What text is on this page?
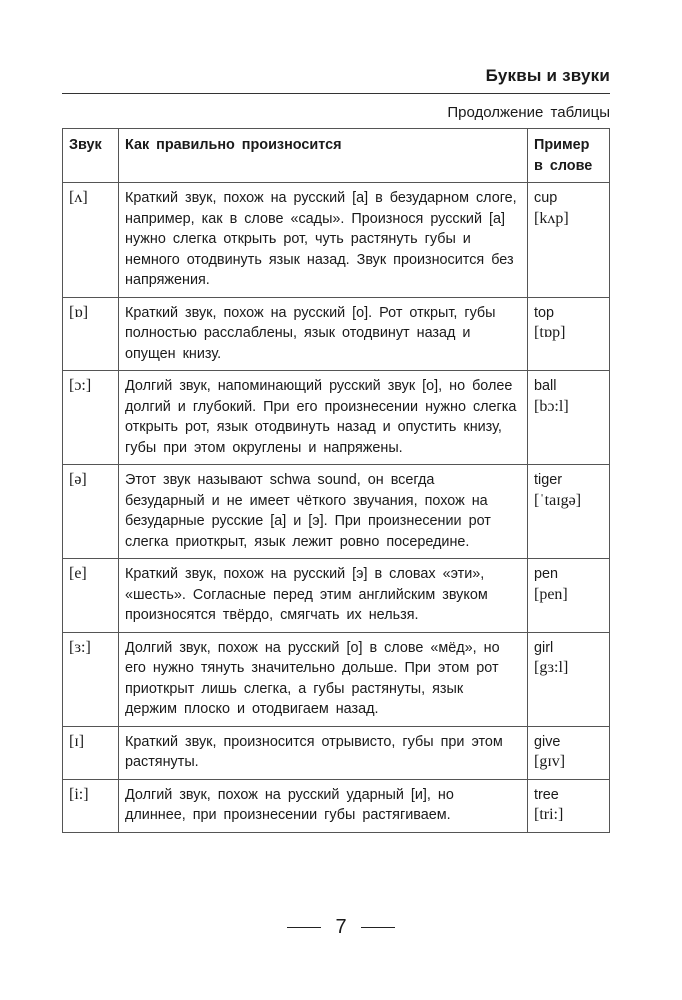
Буквы и звуки
Продолжение таблицы
Звук	Как правильно произносится	Пример в слове
[ʌ]	Краткий звук, похож на русский [а] в безударном слоге, например, как в слове «сады». Произнося русский [а] нужно слегка открыть рот, чуть растянуть губы и немного отодвинуть язык назад. Звук произносится без напряжения.	cup
[kʌp]

[ɒ]	Краткий звук, похож на русский [о]. Рот открыт, губы полностью расслаблены, язык отодвинут назад и опущен книзу.	top
[tɒp]

[ɔ:]	Долгий звук, напоминающий русский звук [о], но более долгий и глубокий. При его произнесении нужно слегка открыть рот, язык отодвинуть назад и опустить книзу, губы при этом округлены и напряжены.	ball
[bɔ:l]

[ə]	Этот звук называют schwa sound, он всегда безударный и не имеет чёткого звучания, похож на безударные русские [а] и [э]. При произнесении рот слегка приоткрыт, язык лежит ровно посередине.	tiger
[ˈtaɪgə]

[e]	Краткий звук, похож на русский [э] в словах «эти», «шесть». Согласные перед этим английским звуком произносятся твёрдо, смягчать их нельзя.	pen
[pen]

[ɜ:]	Долгий звук, похож на русский [о] в слове «мёд», но его нужно тянуть значительно дольше. При этом рот приоткрыт лишь слегка, а губы растянуты, язык держим плоско и отодвигаем назад.	girl
[gɜ:l]

[ɪ]	Краткий звук, произносится отрывисто, губы при этом растянуты.	give
[gɪv]

[i:]	Долгий звук, похож на русский ударный [и], но длиннее, при произнесении губы растягиваем.	tree
[tri:]
7
